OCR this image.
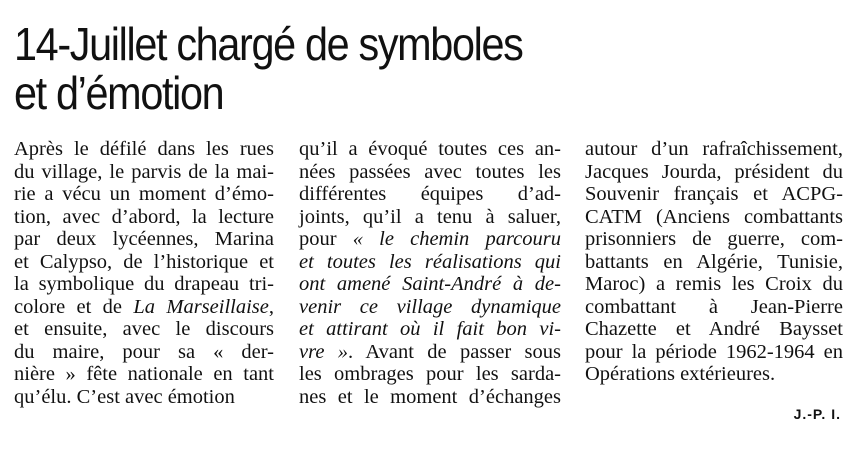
14-Juillet chargé de symboles
et d’émotion
Après le défilé dans les rues
du village, le parvis de la mai-
rie a vécu un moment d’émo-
tion, avec d’abord, la lecture
par deux lycéennes, Marina
et Calypso, de l’historique et
la symbolique du drapeau tri-
colore et de La Marseillaise,
et ensuite, avec le discours
du maire, pour sa « der-
nière » fête nationale en tant
qu’élu. C’est avec émotion
qu’il a évoqué toutes ces an-
nées passées avec toutes les
différentes équipes d’ad-
joints, qu’il a tenu à saluer,
pour « le chemin parcouru
et toutes les réalisations qui
ont amené Saint-André à de-
venir ce village dynamique
et attirant où il fait bon vi-
vre ». Avant de passer sous
les ombrages pour les sarda-
nes et le moment d’échanges
autour d’un rafraîchissement,
Jacques Jourda, président du
Souvenir français et ACPG-
CATM (Anciens combattants
prisonniers de guerre, com-
battants en Algérie, Tunisie,
Maroc) a remis les Croix du
combattant à Jean-Pierre
Chazette et André Baysset
pour la période 1962-1964 en
Opérations extérieures.
J.-P. I.
